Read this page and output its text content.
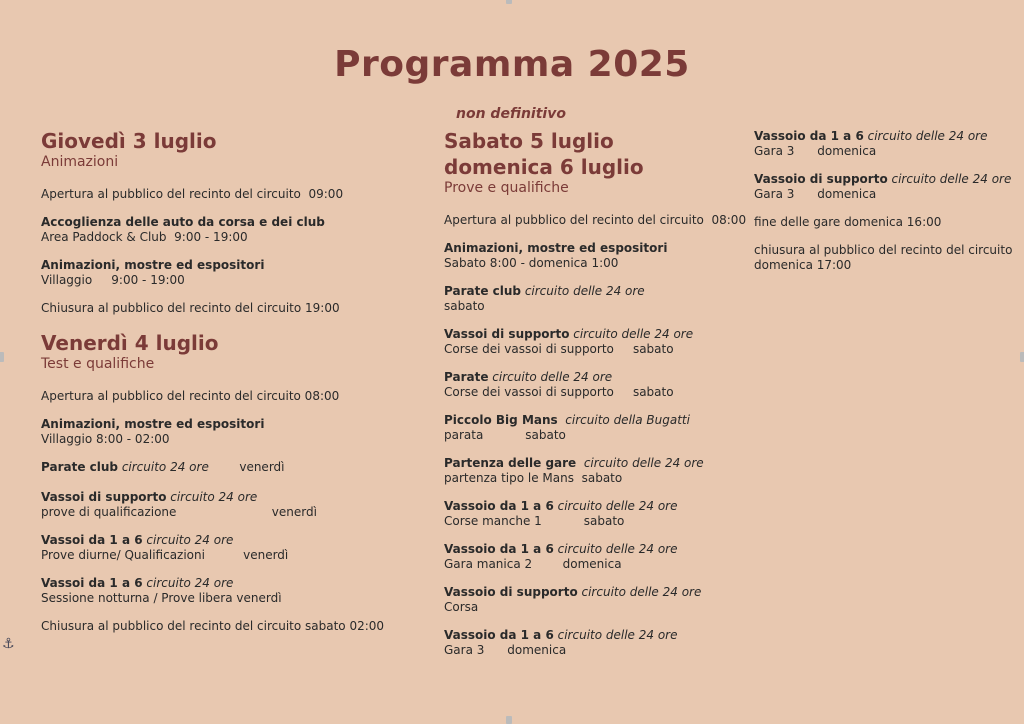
Programma 2025
non definitivo
Giovedì 3 luglio
Animazioni
Apertura al pubblico del recinto del circuito  09:00
Accoglienza delle auto da corsa e dei club
Area Paddock & Club  9:00 - 19:00
Animazioni, mostre ed espositori
Villaggio     9:00 - 19:00
Chiusura al pubblico del recinto del circuito 19:00
Venerdì 4 luglio
Test e qualifiche
Apertura al pubblico del recinto del circuito 08:00
Animazioni, mostre ed espositori
Villaggio 8:00 - 02:00
Parate club circuito 24 ore        venerdì
Vassoi di supporto circuito 24 ore
prove di qualificazione                         venerdì
Vassoi da 1 a 6 circuito 24 ore
Prove diurne/ Qualificazioni          venerdì
Vassoi da 1 a 6 circuito 24 ore
Sessione notturna / Prove libera venerdì
Chiusura al pubblico del recinto del circuito sabato 02:00
Sabato 5 luglio
domenica 6 luglio
Prove e qualifiche
Apertura al pubblico del recinto del circuito  08:00
Animazioni, mostre ed espositori
Sabato 8:00 - domenica 1:00
Parate club circuito delle 24 ore
sabato
Vassoi di supporto circuito delle 24 ore
Corse dei vassoi di supporto     sabato
Parate circuito delle 24 ore
Corse dei vassoi di supporto     sabato
Piccolo Big Mans  circuito della Bugatti
parata           sabato
Partenza delle gare  circuito delle 24 ore
partenza tipo le Mans  sabato
Vassoio da 1 a 6 circuito delle 24 ore
Corse manche 1           sabato
Vassoio da 1 a 6 circuito delle 24 ore
Gara manica 2        domenica
Vassoio di supporto circuito delle 24 ore
Corsa
Vassoio da 1 a 6 circuito delle 24 ore
Gara 3      domenica
Vassoio da 1 a 6 circuito delle 24 ore
Gara 3      domenica
Vassoio di supporto circuito delle 24 ore
Gara 3      domenica
fine delle gare domenica 16:00
chiusura al pubblico del recinto del circuito
domenica 17:00
⚓
